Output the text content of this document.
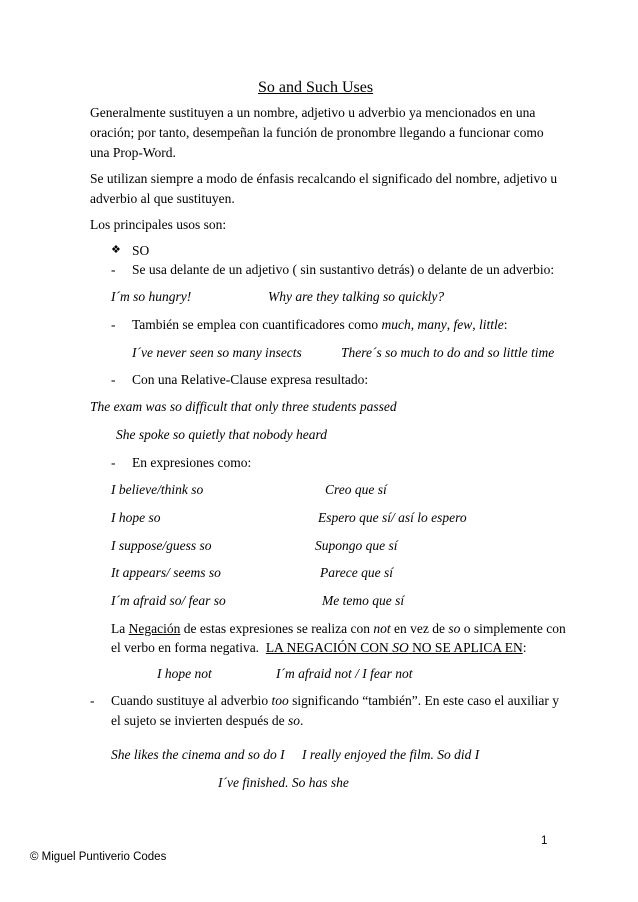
So and Such Uses
Generalmente sustituyen a un nombre, adjetivo u adverbio ya mencionados en una
oración; por tanto, desempeñan la función de pronombre llegando a funcionar como
una Prop-Word.
Se utilizan siempre a modo de énfasis recalcando el significado del nombre, adjetivo u
adverbio al que sustituyen.
Los principales usos son:
❖ SO
- Se usa delante de un adjetivo ( sin sustantivo detrás) o delante de un adverbio:
I´m so hungry!	Why are they talking so quickly?
- También se emplea con cuantificadores como much, many, few, little:
I´ve never seen so many insects	There´s so much to do and so little time
- Con una Relative-Clause expresa resultado:
The exam was so difficult that only three students passed
She spoke so quietly that nobody heard
- En expresiones como:
I believe/think so	Creo que sí
I hope so	Espero que sí/ así lo espero
I suppose/guess so	Supongo que sí
It appears/ seems so	Parece que sí
I´m afraid so/ fear so	Me temo que sí
La Negación de estas expresiones se realiza con not en vez de so o simplemente con
el verbo en forma negativa. LA NEGACIÓN CON SO NO SE APLICA EN:
I hope not	I´m afraid not / I fear not
- Cuando sustituye al adverbio too significando “también”. En este caso el auxiliar y
el sujeto se invierten después de so.
She likes the cinema and so do I I really enjoyed the film. So did I
I´ve finished. So has she
1
© Miguel Puntiverio Codes
